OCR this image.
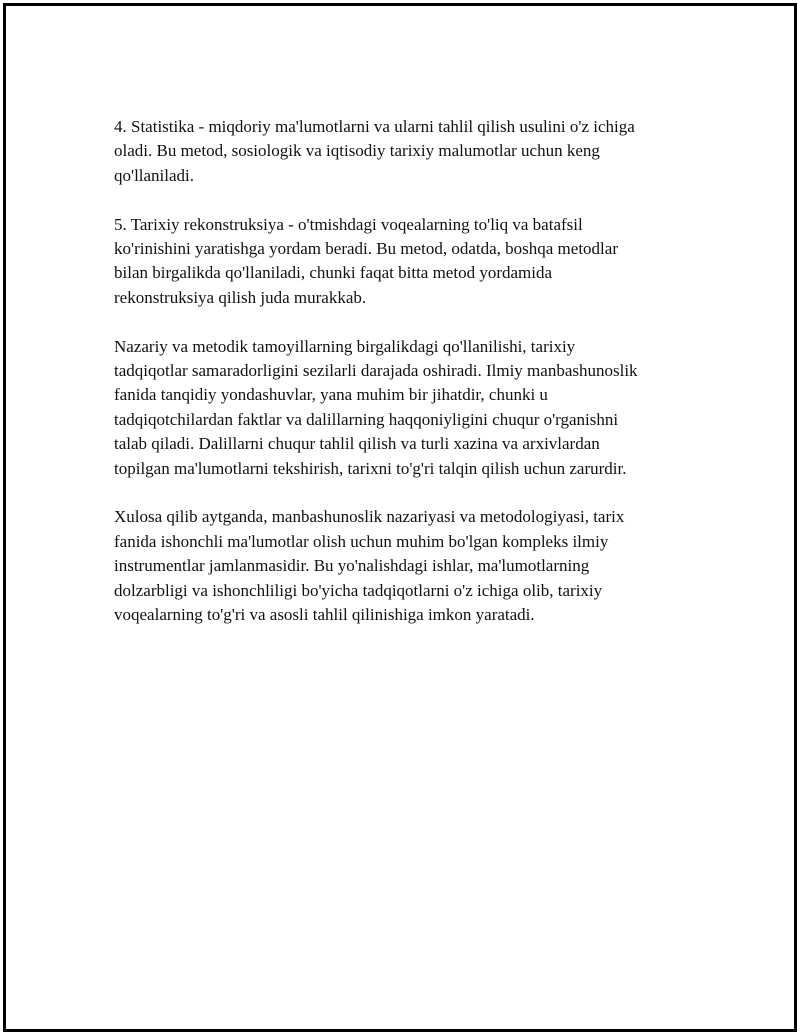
4. Statistika - miqdoriy ma'lumotlarni va ularni tahlil qilish usulini o'z ichiga
oladi. Bu metod, sosiologik va iqtisodiy tarixiy malumotlar uchun keng
qo'llaniladi.

5. Tarixiy rekonstruksiya - o'tmishdagi voqealarning to'liq va batafsil
ko'rinishini yaratishga yordam beradi. Bu metod, odatda, boshqa metodlar
bilan birgalikda qo'llaniladi, chunki faqat bitta metod yordamida
rekonstruksiya qilish juda murakkab.

Nazariy va metodik tamoyillarning birgalikdagi qo'llanilishi, tarixiy
tadqiqotlar samaradorligini sezilarli darajada oshiradi. Ilmiy manbashunoslik
fanida tanqidiy yondashuvlar, yana muhim bir jihatdir, chunki u
tadqiqotchilardan faktlar va dalillarning haqqoniyligini chuqur o'rganishni
talab qiladi. Dalillarni chuqur tahlil qilish va turli xazina va arxivlardan
topilgan ma'lumotlarni tekshirish, tarixni to'g'ri talqin qilish uchun zarurdir.

Xulosa qilib aytganda, manbashunoslik nazariyasi va metodologiyasi, tarix
fanida ishonchli ma'lumotlar olish uchun muhim bo'lgan kompleks ilmiy
instrumentlar jamlanmasidir. Bu yo'nalishdagi ishlar, ma'lumotlarning
dolzarbligi va ishonchliligi bo'yicha tadqiqotlarni o'z ichiga olib, tarixiy
voqealarning to'g'ri va asosli tahlil qilinishiga imkon yaratadi.
